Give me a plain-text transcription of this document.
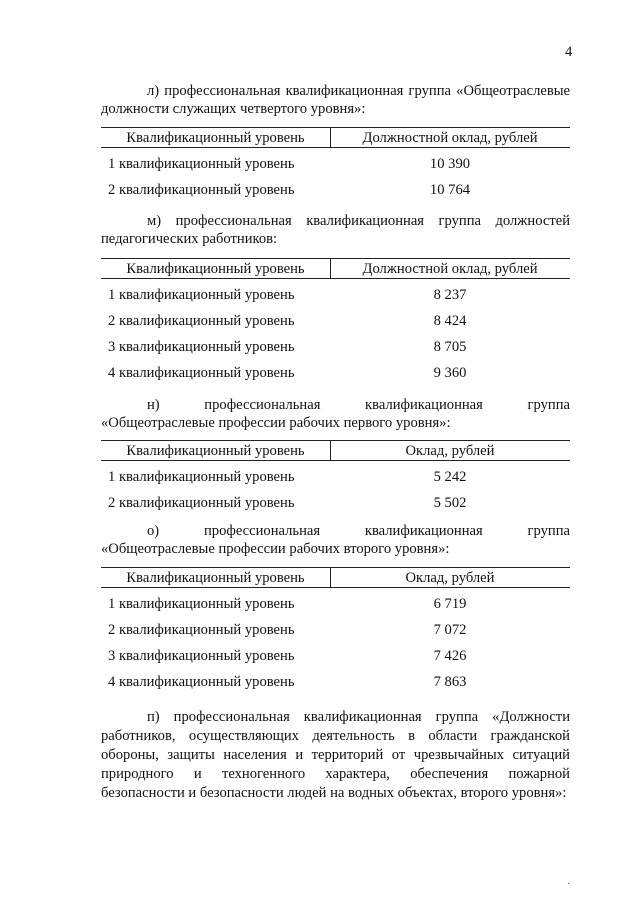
4

л) профессиональная квалификационная группа «Общеотраслевые
должности служащих четвертого уровня»:

Квалификационный уровень	Должностной оклад, рублей
1 квалификационный уровень	10 390
2 квалификационный уровень	10 764

м) профессиональная квалификационная группа должностей
педагогических работников:

Квалификационный уровень	Должностной оклад, рублей
1 квалификационный уровень	8 237
2 квалификационный уровень	8 424
3 квалификационный уровень	8 705
4 квалификационный уровень	9 360

н) профессиональная квалификационная группа
«Общеотраслевые профессии рабочих первого уровня»:

Квалификационный уровень	Оклад, рублей
1 квалификационный уровень	5 242
2 квалификационный уровень	5 502

о) профессиональная квалификационная группа
«Общеотраслевые профессии рабочих второго уровня»:

Квалификационный уровень	Оклад, рублей
1 квалификационный уровень	6 719
2 квалификационный уровень	7 072
3 квалификационный уровень	7 426
4 квалификационный уровень	7 863

п) профессиональная квалификационная группа «Должности работников, осуществляющих деятельность в области гражданской обороны, защиты населения и территорий от чрезвычайных ситуаций природного и техногенного характера, обеспечения пожарной безопасности и безопасности людей на водных объектах, второго уровня»:

·
